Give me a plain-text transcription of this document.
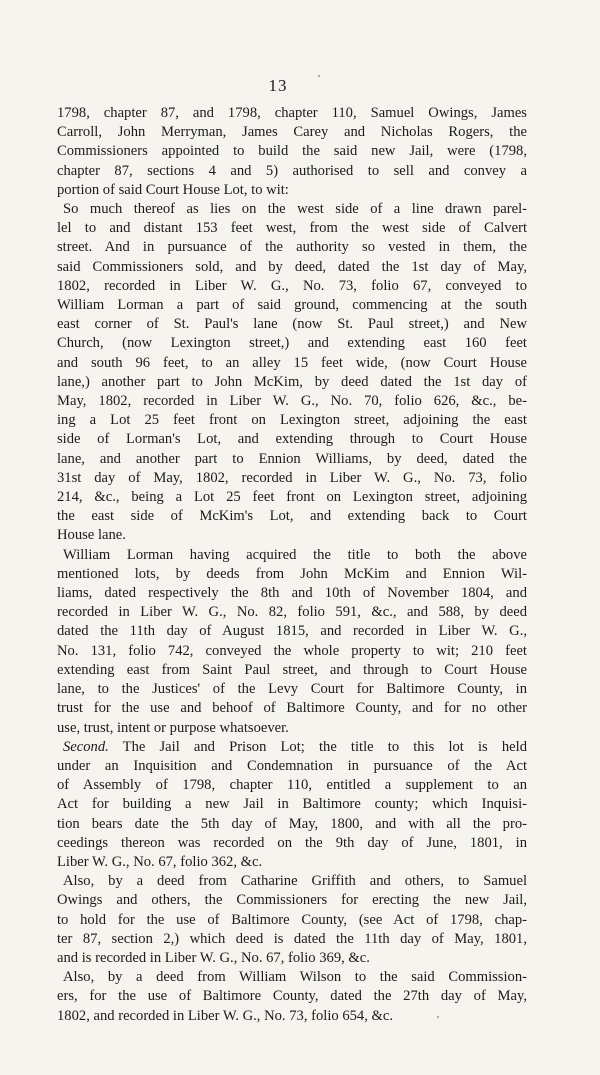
13
1798, chapter 87, and 1798, chapter 110, Samuel Owings, James
Carroll, John Merryman, James Carey and Nicholas Rogers, the
Commissioners appointed to build the said new Jail, were (1798,
chapter 87, sections 4 and 5) authorised to sell and convey a
portion of said Court House Lot, to wit:
So much thereof as lies on the west side of a line drawn parel-
lel to and distant 153 feet west, from the west side of Calvert
street. And in pursuance of the authority so vested in them, the
said Commissioners sold, and by deed, dated the 1st day of May,
1802, recorded in Liber W. G., No. 73, folio 67, conveyed to
William Lorman a part of said ground, commencing at the south
east corner of St. Paul's lane (now St. Paul street,) and New
Church, (now Lexington street,) and extending east 160 feet
and south 96 feet, to an alley 15 feet wide, (now Court House
lane,) another part to John McKim, by deed dated the 1st day of
May, 1802, recorded in Liber W. G., No. 70, folio 626, &c., be-
ing a Lot 25 feet front on Lexington street, adjoining the east
side of Lorman's Lot, and extending through to Court House
lane, and another part to Ennion Williams, by deed, dated the
31st day of May, 1802, recorded in Liber W. G., No. 73, folio
214, &c., being a Lot 25 feet front on Lexington street, adjoining
the east side of McKim's Lot, and extending back to Court
House lane.
William Lorman having acquired the title to both the above
mentioned lots, by deeds from John McKim and Ennion Wil-
liams, dated respectively the 8th and 10th of November 1804, and
recorded in Liber W. G., No. 82, folio 591, &c., and 588, by deed
dated the 11th day of August 1815, and recorded in Liber W. G.,
No. 131, folio 742, conveyed the whole property to wit; 210 feet
extending east from Saint Paul street, and through to Court House
lane, to the Justices' of the Levy Court for Baltimore County, in
trust for the use and behoof of Baltimore County, and for no other
use, trust, intent or purpose whatsoever.
Second. The Jail and Prison Lot; the title to this lot is held
under an Inquisition and Condemnation in pursuance of the Act
of Assembly of 1798, chapter 110, entitled a supplement to an
Act for building a new Jail in Baltimore county; which Inquisi-
tion bears date the 5th day of May, 1800, and with all the pro-
ceedings thereon was recorded on the 9th day of June, 1801, in
Liber W. G., No. 67, folio 362, &c.
Also, by a deed from Catharine Griffith and others, to Samuel
Owings and others, the Commissioners for erecting the new Jail,
to hold for the use of Baltimore County, (see Act of 1798, chap-
ter 87, section 2,) which deed is dated the 11th day of May, 1801,
and is recorded in Liber W. G., No. 67, folio 369, &c.
Also, by a deed from William Wilson to the said Commission-
ers, for the use of Baltimore County, dated the 27th day of May,
1802, and recorded in Liber W. G., No. 73, folio 654, &c.
′
′
